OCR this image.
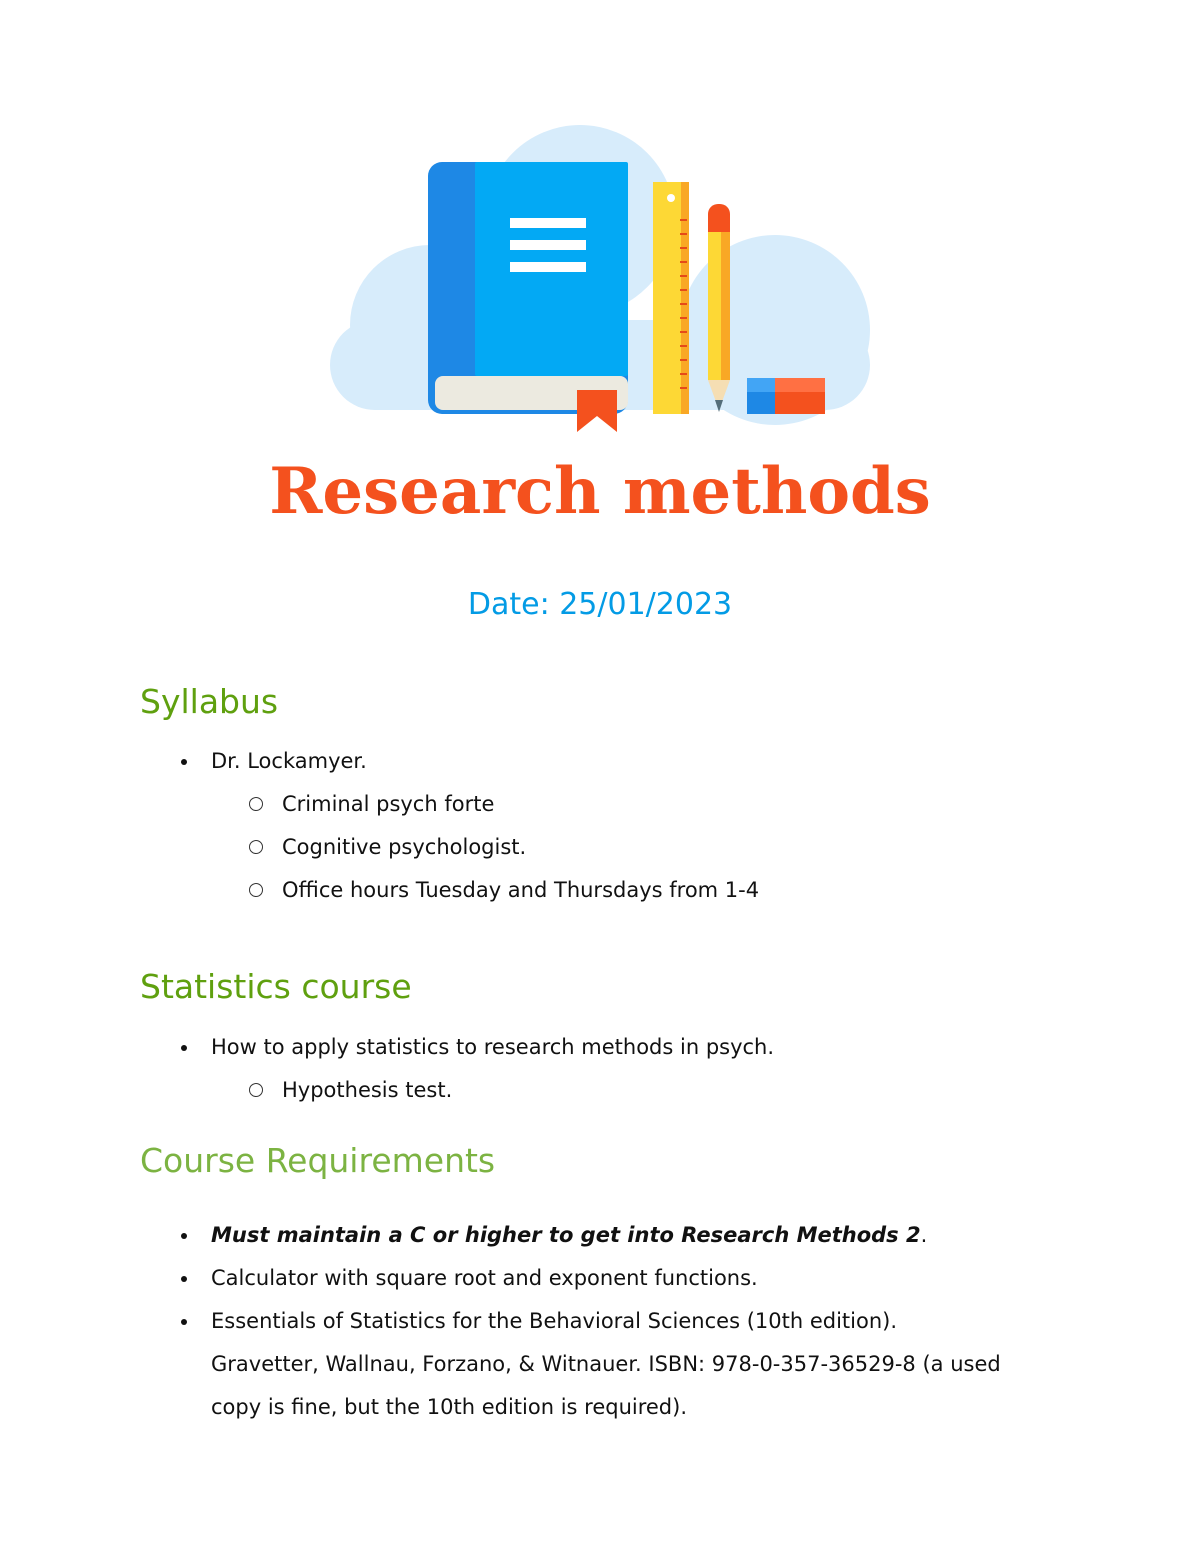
Research methods
Date: 25/01/2023
Syllabus
Dr. Lockamyer.
Criminal psych forte
Cognitive psychologist.
Office hours Tuesday and Thursdays from 1-4
Statistics course
How to apply statistics to research methods in psych.
Hypothesis test.
Course Requirements
Must maintain a C or higher to get into Research Methods 2.
Calculator with square root and exponent functions.
Essentials of Statistics for the Behavioral Sciences (10th edition). Gravetter, Wallnau, Forzano, & Witnauer. ISBN: 978-0-357-36529-8 (a used copy is fine, but the 10th edition is required).
